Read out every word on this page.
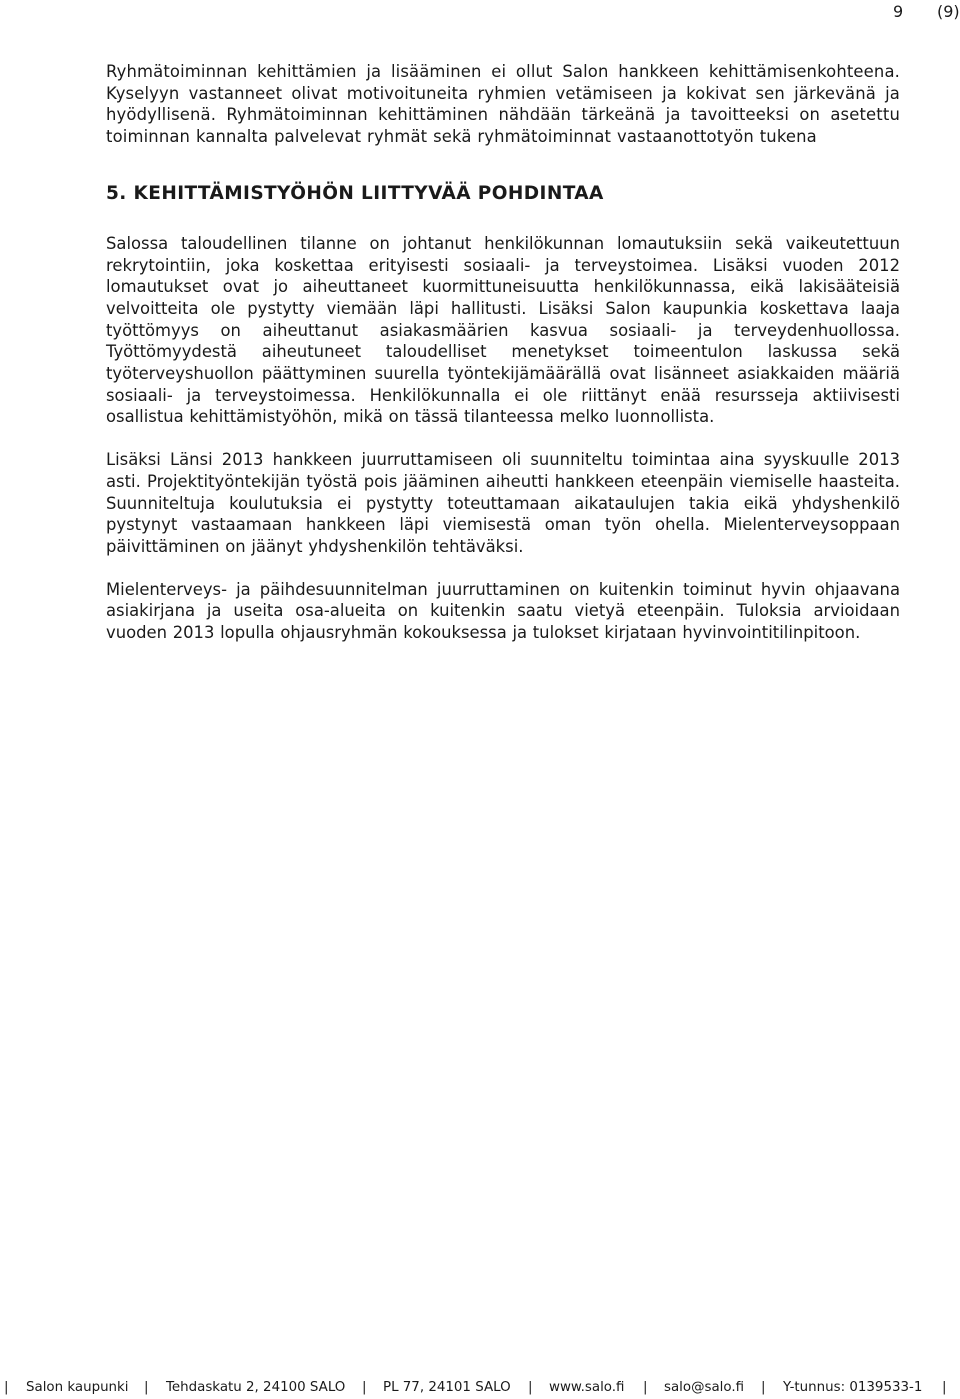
9 (9)

Ryhmätoiminnan kehittämien ja lisääminen ei ollut Salon hankkeen kehittämisenkohteena. Kyselyyn vastanneet olivat motivoituneita ryhmien vetämiseen ja kokivat sen järkevänä ja hyödyllisenä. Ryhmätoiminnan kehittäminen nähdään tärkeänä ja tavoitteeksi on asetettu toiminnan kannalta palvelevat ryhmät sekä ryhmätoiminnat vastaanottotyön tukena

5. KEHITTÄMISTYÖHÖN LIITTYVÄÄ POHDINTAA

Salossa taloudellinen tilanne on johtanut henkilökunnan lomautuksiin sekä vaikeutettuun rekrytointiin, joka koskettaa erityisesti sosiaali- ja terveystoimea. Lisäksi vuoden 2012 lomautukset ovat jo aiheuttaneet kuormittuneisuutta henkilökunnassa, eikä lakisääteisiä velvoitteita ole pystytty viemään läpi hallitusti. Lisäksi Salon kaupunkia koskettava laaja työttömyys on aiheuttanut asiakasmäärien kasvua sosiaali- ja terveydenhuollossa. Työttömyydestä aiheutuneet taloudelliset menetykset toimeentulon laskussa sekä työterveyshuollon päättyminen suurella työntekijämäärällä ovat lisänneet asiakkaiden määriä sosiaali- ja terveystoimessa. Henkilökunnalla ei ole riittänyt enää resursseja aktiivisesti osallistua kehittämistyöhön, mikä on tässä tilanteessa melko luonnollista.

Lisäksi Länsi 2013 hankkeen juurruttamiseen oli suunniteltu toimintaa aina syyskuulle 2013 asti. Projektityöntekijän työstä pois jääminen aiheutti hankkeen eteenpäin viemiselle haasteita. Suunniteltuja koulutuksia ei pystytty toteuttamaan aikataulujen takia eikä yhdyshenkilö pystynyt vastaamaan hankkeen läpi viemisestä oman työn ohella. Mielenterveysoppaan päivittäminen on jäänyt yhdyshenkilön tehtäväksi.

Mielenterveys- ja päihdesuunnitelman juurruttaminen on kuitenkin toiminut hyvin ohjaavana asiakirjana ja useita osa-alueita on kuitenkin saatu vietyä eteenpäin. Tuloksia arvioidaan vuoden 2013 lopulla ohjausryhmän kokouksessa ja tulokset kirjataan hyvinvointitilinpitoon.

| Salon kaupunki | Tehdaskatu 2, 24100 SALO | PL 77, 24101 SALO | www.salo.fi | salo@salo.fi | Y-tunnus: 0139533-1 |
